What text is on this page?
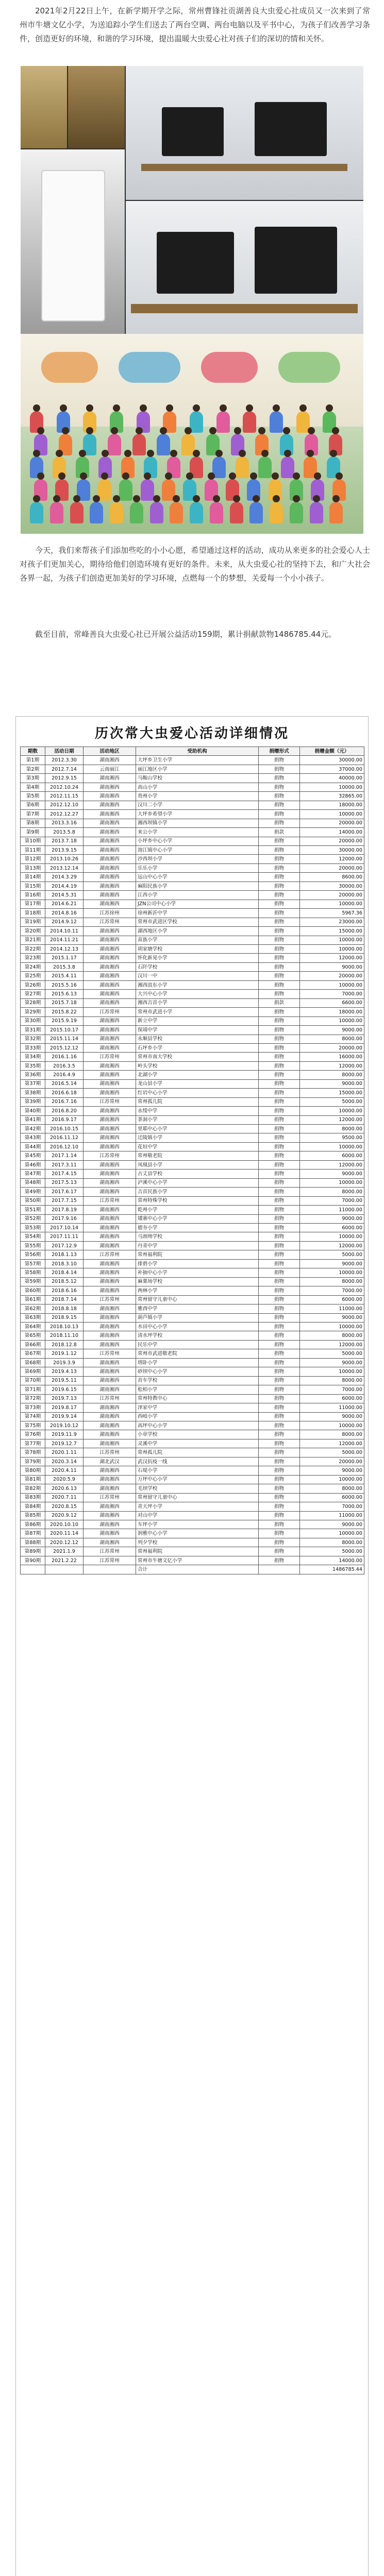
2021年2月22日上午，在新学期开学之际，常州曹锋社贡湖善良大虫爱心社成员又一次来到了常州市牛塘文亿小学，为送追踪小学生们送去了两台空调、两台电脑以及平书中心，为孩子们改善学习条件，创造更好的环境，和谐的学习环境，提出温暖大虫爱心社对孩子们的深切的情和关怀。

今天，我们来帮孩子们添加些吃的小小心愿，希望通过这样的活动，成功从来更多的社会爱心人士对孩子们更加关心，期待给他们创造环境有更好的条件。未来，从大虫爱心社的坚持下去，和广大社会各界一起，为孩子们创造更加美好的学习环境，点燃每一个的梦想，关爱每一个小小孩子。

截至目前，常峰善良大虫爱心社已开展公益活动159期，累计捐献款物1486785.44元。

历次常大虫爱心活动详细情况
期数	活动日期	活动地区	受助机构	捐赠形式	捐赠金额（元）
第1期	2012.3.30	湖南湘西	大坪乡卫生小学	捐物	30000.00
第2期	2012.7.14	云南丽江	丽江地区小学	捐物	37000.00
第3期	2012.9.15	湖南湘西	马鞍山学校	捐物	40000.00
第4期	2012.10.24	湖南湘西	高山小学	捐物	10000.00
第5期	2012.11.15	湖南湘西	贵州小学	捐物	32865.00
第6期	2012.12.10	湖南湘西	汉川二小学	捐物	18000.00
第7期	2012.12.27	湖南湘西	大坪乡希望小学	捐物	10000.00
第8期	2013.3.16	湖南湘西	湘西坝镇小学	捐物	20000.00
第9期	2013.5.8	湖南湘西	来公小学	捐款	14000.00
第10期	2013.7.18	湖南湘西	小坪乡中心小学	捐物	20000.00
第11期	2013.9.15	湖南湘西	溶江镇中心小学	捐物	30000.00
第12期	2013.10.26	湖南湘西	沙西坝小学	捐物	12000.00
第13期	2013.12.14	湖南湘西	乐乐小学	捐物	20000.00
第14期	2014.3.29	湖南湘西	远山中心小学	捐物	8600.00
第15期	2014.4.19	湖南湘西	麻阳民族小学	捐物	30000.00
第16期	2014.5.31	湖南湘西	江西小学	捐物	20000.00
第17期	2014.6.21	湖南湘西	JZN公司中心小学	捐物	10000.00
第18期	2014.8.16	江苏徐州	徐州新沂中学	捐物	5967.36
第19期	2014.9.12	江苏常州	常州市武进区学校	捐物	23000.00
第20期	2014.10.11	湖南湘西	湖西地区小学	捐物	15000.00
第21期	2014.11.21	湖南湘西	苗族小学	捐物	10000.00
第22期	2014.12.13	湖南湘西	胡家塘学校	捐物	10000.00
第23期	2015.1.17	湖南湘西	怀化新晃小学	捐物	12000.00
第24期	2015.3.8	湖南湘西	石阡学校	捐物	9000.00
第25期	2015.4.11	湖南湘西	汉川一中	捐物	20000.00
第26期	2015.5.16	湖南湘西	湘西浪东小学	捐物	10000.00
第27期	2015.6.13	湖南湘西	大兴中心小学	捐物	7000.00
第28期	2015.7.18	湖南湘西	湘西吉首小学	捐款	6600.00
第29期	2015.8.22	江苏常州	常州市武进小学	捐物	18000.00
第30期	2015.9.19	湖南湘西	新立中学	捐物	10000.00
第31期	2015.10.17	湖南湘西	保靖中学	捐物	9000.00
第32期	2015.11.14	湖南湘西	永顺县学校	捐物	8000.00
第33期	2015.12.12	湖南湘西	石坪乡小学	捐物	20000.00
第34期	2016.1.16	江苏常州	常州市南大学校	捐物	16000.00
第35期	2016.3.5	湖南湘西	岭头学校	捐物	12000.00
第36期	2016.4.9	湖南湘西	北湖小学	捐物	8000.00
第37期	2016.5.14	湖南湘西	龙山县小学	捐物	9000.00
第38期	2016.6.18	湖南湘西	红岩中心小学	捐物	15000.00
第39期	2016.7.16	江苏常州	常州孤儿院	捐物	5000.00
第40期	2016.8.20	湖南湘西	永绥中学	捐物	10000.00
第41期	2016.9.17	湖南湘西	茶洞小学	捐物	12000.00
第42期	2016.10.15	湖南湘西	里耶中心小学	捐物	8000.00
第43期	2016.11.12	湖南湘西	迁陵镇小学	捐物	9500.00
第44期	2016.12.10	湖南湘西	花垣中学	捐物	10000.00
第45期	2017.1.14	江苏常州	常州敬老院	捐物	6000.00
第46期	2017.3.11	湖南湘西	凤凰县小学	捐物	12000.00
第47期	2017.4.15	湖南湘西	古丈县学校	捐物	9000.00
第48期	2017.5.13	湖南湘西	泸溪中心小学	捐物	10000.00
第49期	2017.6.17	湖南湘西	吉首民族小学	捐物	8000.00
第50期	2017.7.15	江苏常州	常州特殊学校	捐物	7000.00
第51期	2017.8.19	湖南湘西	乾州小学	捐物	11000.00
第52期	2017.9.16	湖南湘西	矮寨中心小学	捐物	9000.00
第53期	2017.10.14	湖南湘西	德夯小学	捐物	6000.00
第54期	2017.11.11	湖南湘西	马颈坳学校	捐物	10000.00
第55期	2017.12.9	湖南湘西	丹青中学	捐物	12000.00
第56期	2018.1.13	江苏常州	常州福利院	捐物	5000.00
第57期	2018.3.10	湖南湘西	排碧小学	捐物	9000.00
第58期	2018.4.14	湖南湘西	补抽中心小学	捐物	10000.00
第59期	2018.5.12	湖南湘西	麻栗场学校	捐物	8000.00
第60期	2018.6.16	湖南湘西	两林小学	捐物	7000.00
第61期	2018.7.14	江苏常州	常州留守儿童中心	捐物	6000.00
第62期	2018.8.18	湖南湘西	雅酉中学	捐物	11000.00
第63期	2018.9.15	湖南湘西	葫芦镇小学	捐物	9000.00
第64期	2018.10.13	湖南湘西	水田中心小学	捐物	10000.00
第65期	2018.11.10	湖南湘西	清水坪学校	捐物	8000.00
第66期	2018.12.8	湖南湘西	民乐中学	捐物	12000.00
第67期	2019.1.12	江苏常州	常州市武进敬老院	捐物	5000.00
第68期	2019.3.9	湖南湘西	塔卧小学	捐物	9000.00
第69期	2019.4.13	湖南湘西	砂坝中心小学	捐物	10000.00
第70期	2019.5.11	湖南湘西	首车学校	捐物	8000.00
第71期	2019.6.15	湖南湘西	松柏小学	捐物	7000.00
第72期	2019.7.13	江苏常州	常州特教中心	捐物	6000.00
第73期	2019.8.17	湖南湘西	泽家中学	捐物	11000.00
第74期	2019.9.14	湖南湘西	西岐小学	捐物	9000.00
第75期	2019.10.12	湖南湘西	高坪中心小学	捐物	10000.00
第76期	2019.11.9	湖南湘西	小章学校	捐物	8000.00
第77期	2019.12.7	湖南湘西	灵溪中学	捐物	12000.00
第78期	2020.1.11	江苏常州	常州孤儿院	捐物	5000.00
第79期	2020.3.14	湖北武汉	武汉抗疫一线	捐物	20000.00
第80期	2020.4.11	湖南湘西	石堤小学	捐物	9000.00
第81期	2020.5.9	湖南湘西	万坪中心小学	捐物	10000.00
第82期	2020.6.13	湖南湘西	毛坝学校	捐物	8000.00
第83期	2020.7.11	江苏常州	常州留守儿童中心	捐物	6000.00
第84期	2020.8.15	湖南湘西	青天坪小学	捐物	7000.00
第85期	2020.9.12	湖南湘西	对山中学	捐物	11000.00
第86期	2020.10.10	湖南湘西	车坪小学	捐物	9000.00
第87期	2020.11.14	湖南湘西	润雅中心小学	捐物	10000.00
第88期	2020.12.12	湖南湘西	列夕学校	捐物	8000.00
第89期	2021.1.9	江苏常州	常州福利院	捐物	5000.00
第90期	2021.2.22	江苏常州	常州市牛塘文亿小学	捐物	14000.00
			合计		1486785.44
